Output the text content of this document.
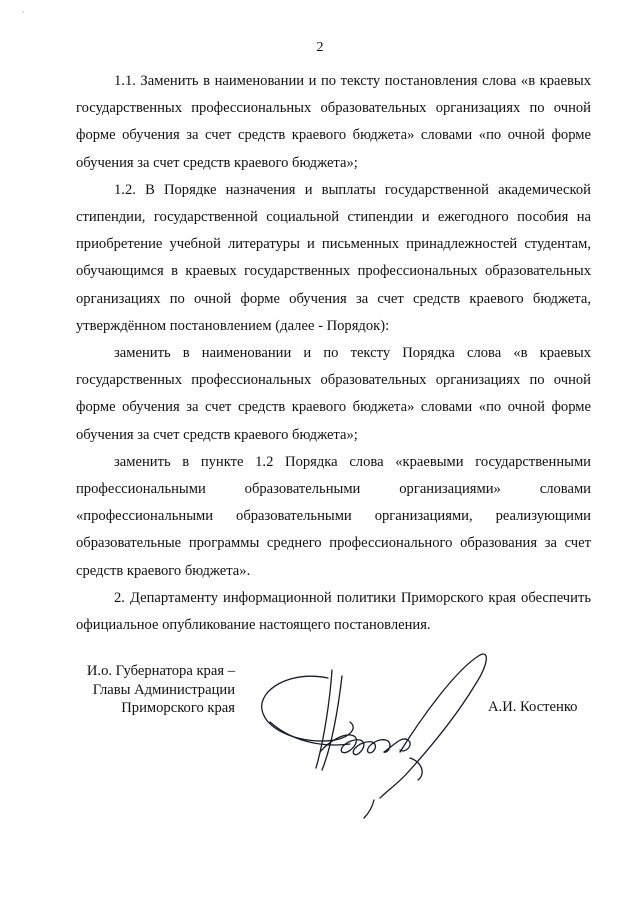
`
2

1.1. Заменить в наименовании и по тексту постановления слова «в краевых государственных профессиональных образовательных организациях по очной форме обучения за счет средств краевого бюджета» словами «по очной форме обучения за счет средств краевого бюджета»;

1.2. В Порядке назначения и выплаты государственной академической стипендии, государственной социальной стипендии и ежегодного пособия на приобретение учебной литературы и письменных принадлежностей студентам, обучающимся в краевых государственных профессиональных образовательных организациях по очной форме обучения за счет средств краевого бюджета, утверждённом постановлением (далее - Порядок):

заменить в наименовании и по тексту Порядка слова «в краевых государственных профессиональных образовательных организациях по очной форме обучения за счет средств краевого бюджета» словами «по очной форме обучения за счет средств краевого бюджета»;

заменить в пункте 1.2 Порядка слова «краевыми государственными профессиональными образовательными организациями» словами «профессиональными образовательными организациями, реализующими образовательные программы среднего профессионального образования за счет средств краевого бюджета».

2. Департаменту информационной политики Приморского края обеспечить официальное опубликование настоящего постановления.

И.о. Губернатора края –
Главы Администрации
Приморского края	А.И. Костенко
